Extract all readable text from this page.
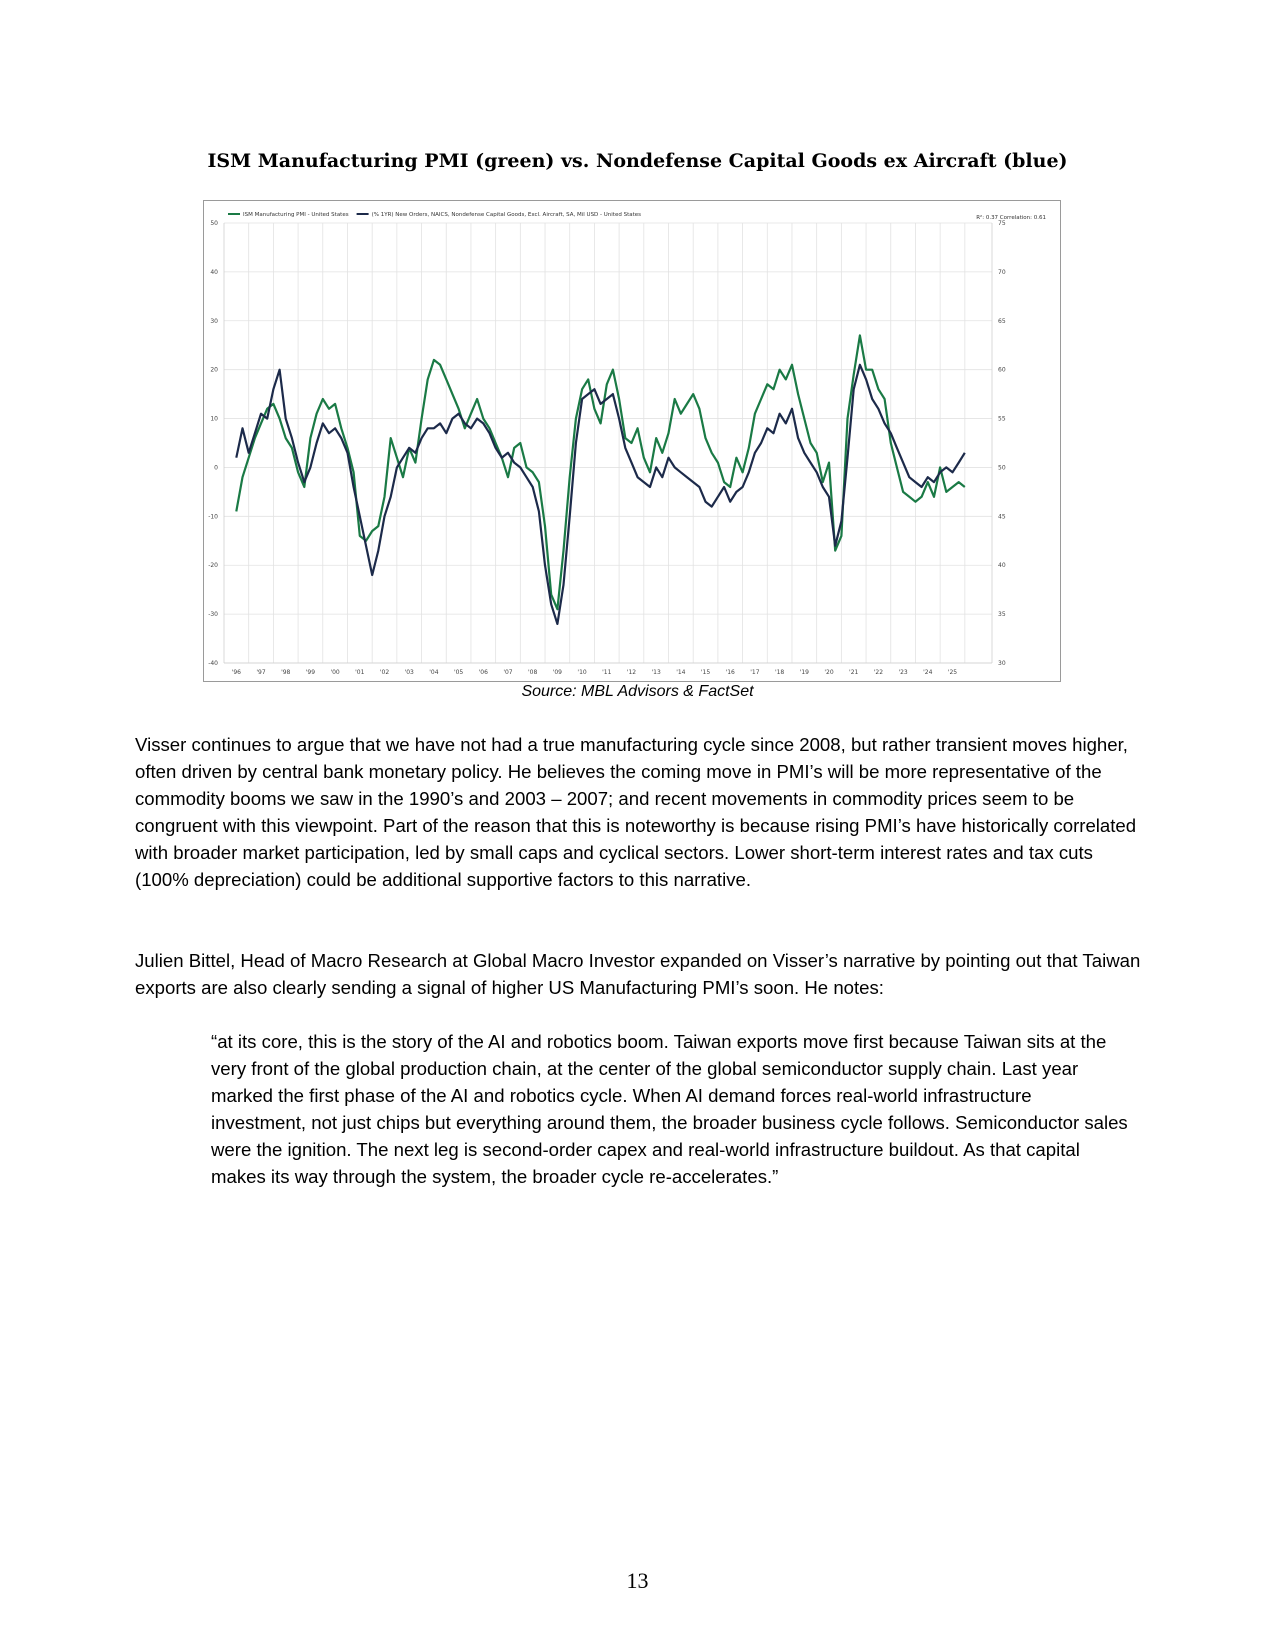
ISM Manufacturing PMI (green) vs. Nondefense Capital Goods ex Aircraft (blue)
50
40
30
20
10
0
-10
-20
-30
-40
75
70
65
60
55
50
45
40
35
30
'96	'97	'98	'99	'00	'01	'02	'03	'04	'05	'06	'07	'08	'09	'10	'11	'12	'13	'14	'15	'16	'17	'18	'19	'20	'21	'22	'23	'24	'25
ISM Manufacturing PMI - United States	(% 1YR) New Orders, NAICS, Nondefense Capital Goods, Excl. Aircraft, SA, Mil USD - United States	R²: 0.37 Correlation: 0.61
Source: MBL Advisors & FactSet

Visser continues to argue that we have not had a true manufacturing cycle since 2008, but rather transient moves higher, often driven by central bank monetary policy. He believes the coming move in PMI’s will be more representative of the commodity booms we saw in the 1990’s and 2003 – 2007; and recent movements in commodity prices seem to be congruent with this viewpoint. Part of the reason that this is noteworthy is because rising PMI’s have historically correlated with broader market participation, led by small caps and cyclical sectors. Lower short-term interest rates and tax cuts (100% depreciation) could be additional supportive factors to this narrative.

Julien Bittel, Head of Macro Research at Global Macro Investor expanded on Visser’s narrative by pointing out that Taiwan exports are also clearly sending a signal of higher US Manufacturing PMI’s soon. He notes:

“at its core, this is the story of the AI and robotics boom. Taiwan exports move first because Taiwan sits at the very front of the global production chain, at the center of the global semiconductor supply chain. Last year marked the first phase of the AI and robotics cycle. When AI demand forces real-world infrastructure investment, not just chips but everything around them, the broader business cycle follows. Semiconductor sales were the ignition. The next leg is second-order capex and real-world infrastructure buildout. As that capital makes its way through the system, the broader cycle re-accelerates.”

13
